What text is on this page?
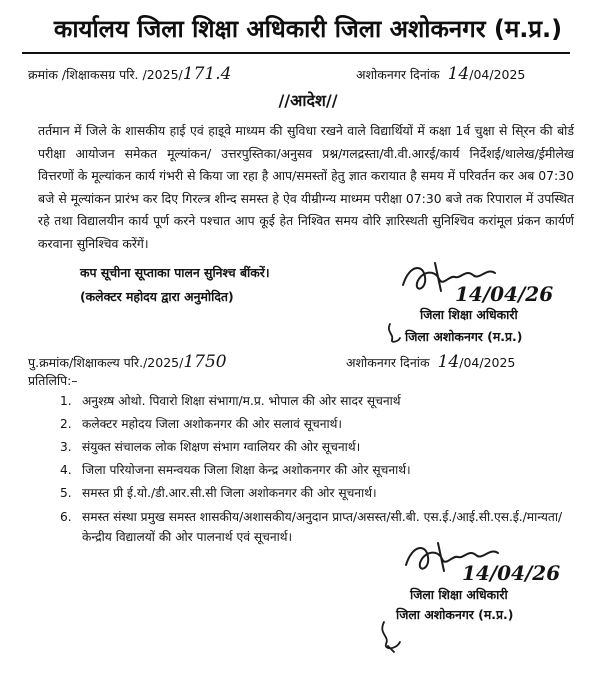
कार्यालय जिला शिक्षा अधिकारी जिला अशोकनगर (म.प्र.)
क्रमांक /शिक्षाकसग्र परि. /2025/171.4	अशोकनगर दिनांक 14/04/2025
//आदेश//
तर्तमान में जिले के शासकीय हाई एवं हाइ्वे माध्यम की सुविधा रखने वाले विद्यार्थियों में कक्षा 1र्व चुक्षा से सि्रन की बोर्ड परीक्षा आयोजन समेकत मूल्यांकन/ उत्तरपुस्तिका/अनुसव प्रश्न/गलद्रस्ता/वी.वी.आरई/कार्य निर्देशई/थालेख/ई़मीलेख वित्तरणों के मूल्यांकन कार्य गंभरी से किया जा रहा है आप/समस्तों हेतु ज्ञात करायात है समय में परिवर्तन कर अब 07:30 बजे से मूल्यांकन प्रारंभ कर दिए गिरल्त्र शीन्द समस्त हे ऐव यीम्रीग्न्य माध्मम परीक्षा 07:30 बजे तक रिपाराल में उपस्थित रहे तथा विद्यालयीन कार्य पूर्ण करने पश्चात आप कूई हेत निश्वित समय वोरि ज्ञारिस्थती सुनिश्चिव करांमूल प्रंकन कार्यर्ण करवाना सुनिश्चिव करेंगें।
कप सूचीना सूप्ताका पालन सुनिश्च बींकरें।
(कलेक्टर महोदय द्वारा अनुमोदित)	14/04/26
जिला शिक्षा अधिकारी
जिला अशोकनगर (म.प्र.)
पु.क्रमांक/शिक्षाकल्य परि./2025/1750	अशोकनगर दिनांक 14/04/2025
प्रतिलिपि:–
1. अनुश्य़्ष ओथो. पिवारो शिक्षा संभागा/म.प्र. भोपाल की ओर सादर सूचनार्थ
2. कलेक्टर महोदय जिला अशोकनगर की ओर सलावं सूचनार्थ।
3. संयुक्त संचालक लोक शिक्षण संभाग ग्वालियर की ओर सूचनार्थ।
4. जिला परियोजना समन्वयक जिला शिक्षा केन्द्र अशोकनगर की ओर सूचनार्थ।
5. समस्त प्री ई.यो./डी.आर.सी.सी जिला अशोकनगर की ओर सूचनार्थ।
6. समस्त संस्था प्रमुख समस्त शासकीय/अशासकीय/अनुदान प्राप्त/असस्त/सी.बी. एस.ई./आई.सी.एस.ई./मान्यता/केन्द्रीय विद्यालयों की ओर पालनार्थ एवं सूचनार्थ।
14/04/26
जिला शिक्षा अधिकारी
जिला अशोकनगर (म.प्र.)
